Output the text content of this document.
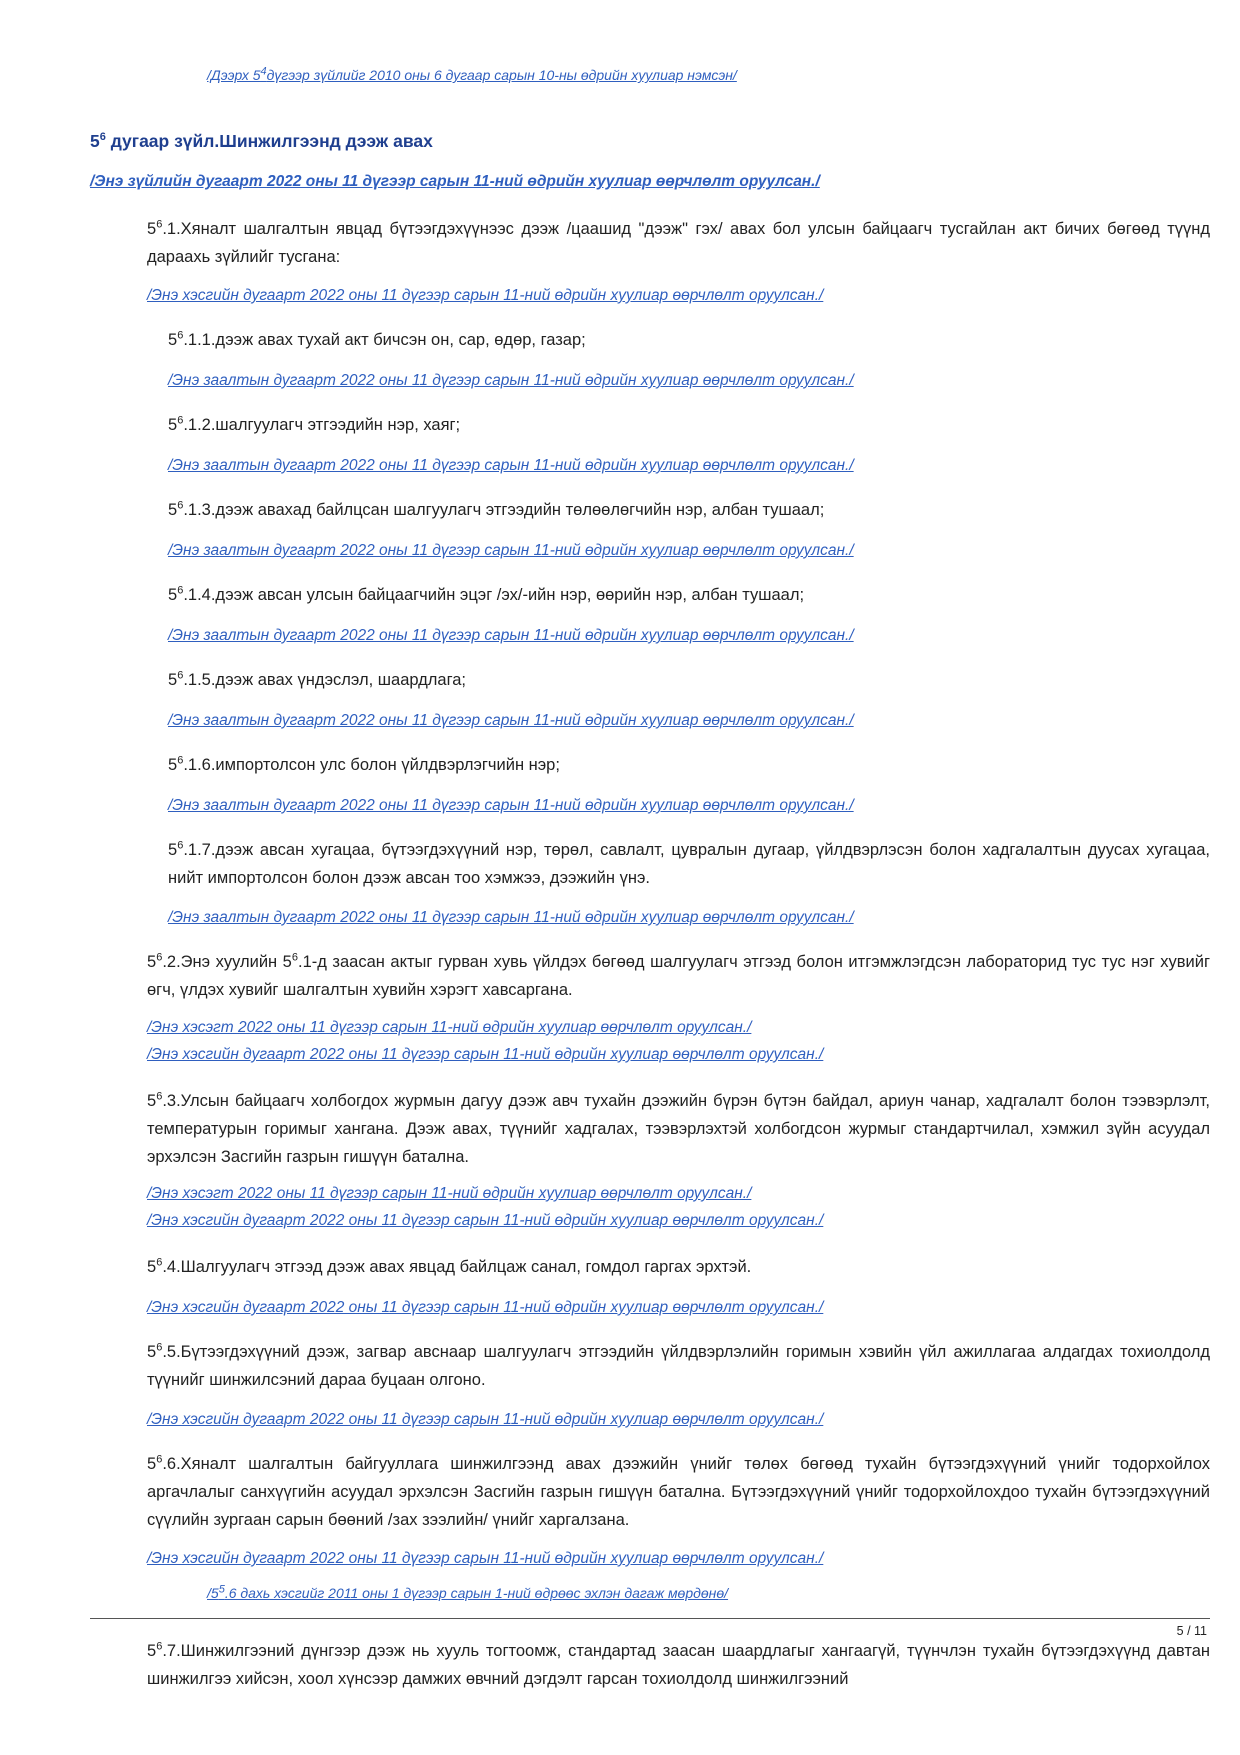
/Дээрх $5^4дүгээр$ зүйлийг 2010 оны 6 дугаар сарын 10-ны өдрийн хуулиар нэмсэн/
$5^6$ дугаар зүйл.Шинжилгээнд дээж авах
/Энэ зүйлийн дугаарт 2022 оны 11 дүгээр сарын 11-ний өдрийн хуулиар өөрчлөлт оруулсан./
$5^6.1.Хяналт$ шалгалтын явцад бүтээгдэхүүнээс дээж /цаашид "дээж" гэх/ авах бол улсын байцаагч тусгайлан акт бичих бөгөөд түүнд дараахь зүйлийг тусгана:
/Энэ хэсгийн дугаарт 2022 оны 11 дүгээр сарын 11-ний өдрийн хуулиар өөрчлөлт оруулсан./
$5^6.1.1.дээж$ авах тухай акт бичсэн он, сар, өдөр, газар;
/Энэ заалтын дугаарт 2022 оны 11 дүгээр сарын 11-ний өдрийн хуулиар өөрчлөлт оруулсан./
$5^6.1.2.шалгуулагч$ этгээдийн нэр, хаяг;
/Энэ заалтын дугаарт 2022 оны 11 дүгээр сарын 11-ний өдрийн хуулиар өөрчлөлт оруулсан./
$5^6.1.3.дээж$ авахад байлцсан шалгуулагч этгээдийн төлөөлөгчийн нэр, албан тушаал;
/Энэ заалтын дугаарт 2022 оны 11 дүгээр сарын 11-ний өдрийн хуулиар өөрчлөлт оруулсан./
$5^6.1.4.дээж$ авсан улсын байцаагчийн эцэг /эх/-ийн нэр, өөрийн нэр, албан тушаал;
/Энэ заалтын дугаарт 2022 оны 11 дүгээр сарын 11-ний өдрийн хуулиар өөрчлөлт оруулсан./
$5^6.1.5.дээж$ авах үндэслэл, шаардлага;
/Энэ заалтын дугаарт 2022 оны 11 дүгээр сарын 11-ний өдрийн хуулиар өөрчлөлт оруулсан./
$5^6.1.6.импортолсон$ улс болон үйлдвэрлэгчийн нэр;
/Энэ заалтын дугаарт 2022 оны 11 дүгээр сарын 11-ний өдрийн хуулиар өөрчлөлт оруулсан./
$5^6.1.7.дээж$ авсан хугацаа, бүтээгдэхүүний нэр, төрөл, савлалт, цувралын дугаар, үйлдвэрлэсэн болон хадгалалтын дуусах хугацаа, нийт импортолсон болон дээж авсан тоо хэмжээ, дээжийн үнэ.
/Энэ заалтын дугаарт 2022 оны 11 дүгээр сарын 11-ний өдрийн хуулиар өөрчлөлт оруулсан./
$5^6.2.Энэ$ хуулийн $5^6.1-д$ заасан актыг гурван хувь үйлдэх бөгөөд шалгуулагч этгээд болон итгэмжлэгдсэн лабораторид тус тус нэг хувийг өгч, үлдэх хувийг шалгалтын хувийн хэрэгт хавсаргана.
/Энэ хэсэгт 2022 оны 11 дүгээр сарын 11-ний өдрийн хуулиар өөрчлөлт оруулсан./
/Энэ хэсгийн дугаарт 2022 оны 11 дүгээр сарын 11-ний өдрийн хуулиар өөрчлөлт оруулсан./
$5^6.3.Улсын$ байцаагч холбогдох журмын дагуу дээж авч тухайн дээжийн бүрэн бүтэн байдал, ариун чанар, хадгалалт болон тээвэрлэлт, температурын горимыг хангана. Дээж авах, түүнийг хадгалах, тээвэрлэхтэй холбогдсон журмыг стандартчилал, хэмжил зүйн асуудал эрхэлсэн Засгийн газрын гишүүн батална.
/Энэ хэсэгт 2022 оны 11 дүгээр сарын 11-ний өдрийн хуулиар өөрчлөлт оруулсан./
/Энэ хэсгийн дугаарт 2022 оны 11 дүгээр сарын 11-ний өдрийн хуулиар өөрчлөлт оруулсан./
$5^6.4.Шалгуулагч$ этгээд дээж авах явцад байлцаж санал, гомдол гаргах эрхтэй.
/Энэ хэсгийн дугаарт 2022 оны 11 дүгээр сарын 11-ний өдрийн хуулиар өөрчлөлт оруулсан./
$5^6.5.Бүтээгдэхүүний$ дээж, загвар авснаар шалгуулагч этгээдийн үйлдвэрлэлийн горимын хэвийн үйл ажиллагаа алдагдах тохиолдолд түүнийг шинжилсэний дараа буцаан олгоно.
/Энэ хэсгийн дугаарт 2022 оны 11 дүгээр сарын 11-ний өдрийн хуулиар өөрчлөлт оруулсан./
$5^6.6.Хяналт$ шалгалтын байгууллага шинжилгээнд авах дээжийн үнийг төлөх бөгөөд тухайн бүтээгдэхүүний үнийг тодорхойлох аргачлалыг санхүүгийн асуудал эрхэлсэн Засгийн газрын гишүүн батална. Бүтээгдэхүүний үнийг тодорхойлохдоо тухайн бүтээгдэхүүний сүүлийн зургаан сарын бөөний /зах зээлийн/ үнийг харгалзана.
/Энэ хэсгийн дугаарт 2022 оны 11 дүгээр сарын 11-ний өдрийн хуулиар өөрчлөлт оруулсан./
$/5^5.6$ дахь хэсгийг 2011 оны 1 дүгээр сарын 1-ний өдрөөс эхлэн дагаж мөрдөнө/
$5^6.7.Шинжилгээний$ дүнгээр дээж нь хууль тогтоомж, стандартад заасан шаардлагыг хангаагүй, түүнчлэн тухайн бүтээгдэхүүнд давтан шинжилгээ хийсэн, хоол хүнсээр дамжих өвчний дэгдэлт гарсан тохиолдолд шинжилгээний
5 / 11
